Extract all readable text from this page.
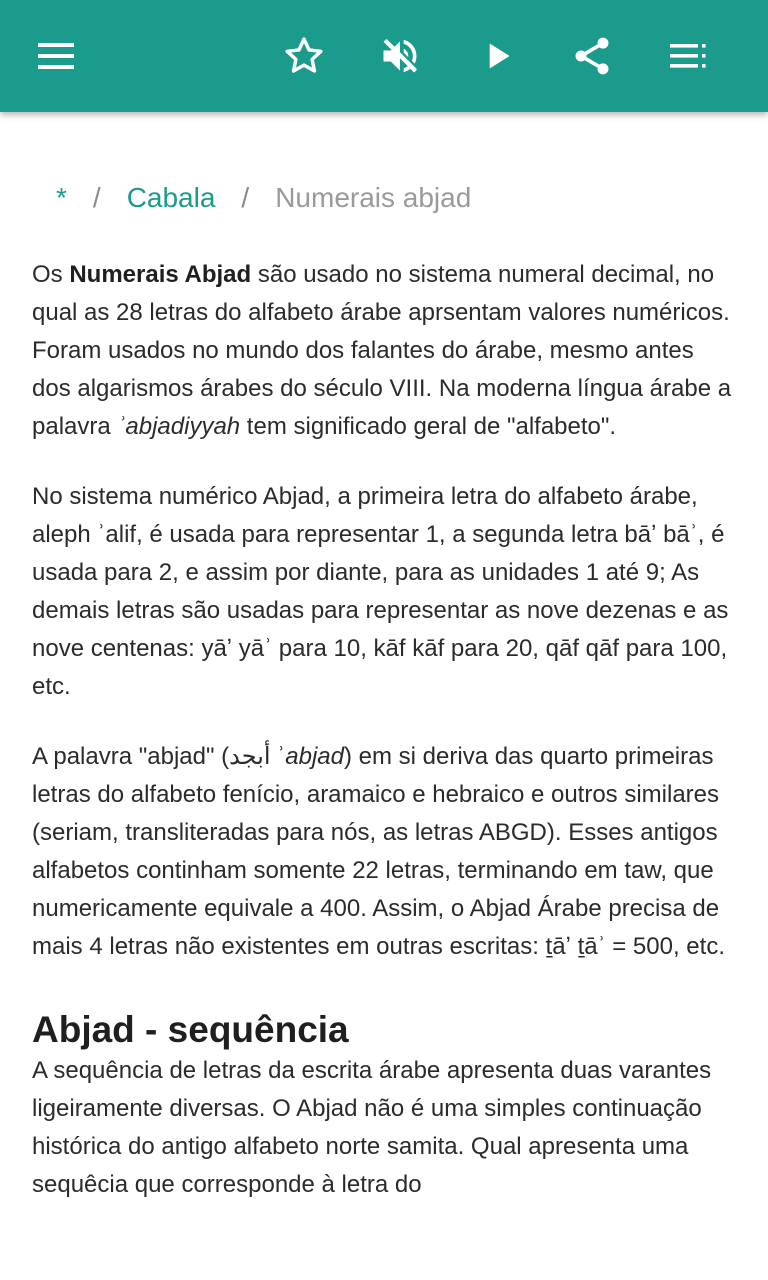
* / Cabala / Numerais abjad

Os Numerais Abjad são usado no sistema numeral decimal, no qual as 28 letras do alfabeto árabe aprsentam valores numéricos. Foram usados no mundo dos falantes do árabe, mesmo antes dos algarismos árabes do século VIII. Na moderna língua árabe a palavra ʾabjadiyyah tem significado geral de "alfabeto".

No sistema numérico Abjad, a primeira letra do alfabeto árabe, aleph ʾalif, é usada para representar 1, a segunda letra bāʼ bāʾ, é usada para 2, e assim por diante, para as unidades 1 até 9; As demais letras são usadas para representar as nove dezenas e as nove centenas: yāʼ yāʾ para 10, kāf kāf para 20, qāf qāf para 100, etc.

A palavra "abjad" (أبجد ʾabjad) em si deriva das quarto primeiras letras do alfabeto fenício, aramaico e hebraico e outros similares (seriam, transliteradas para nós, as letras ABGD). Esses antigos alfabetos continham somente 22 letras, terminando em taw, que numericamente equivale a 400. Assim, o Abjad Árabe precisa de mais 4 letras não existentes em outras escritas: ṯāʼ ṯāʾ = 500, etc.

Abjad - sequência

A sequência de letras da escrita árabe apresenta duas varantes ligeiramente diversas. O Abjad não é uma simples continuação histórica do antigo alfabeto norte samita. Qual apresenta uma sequêcia que corresponde à letra do
